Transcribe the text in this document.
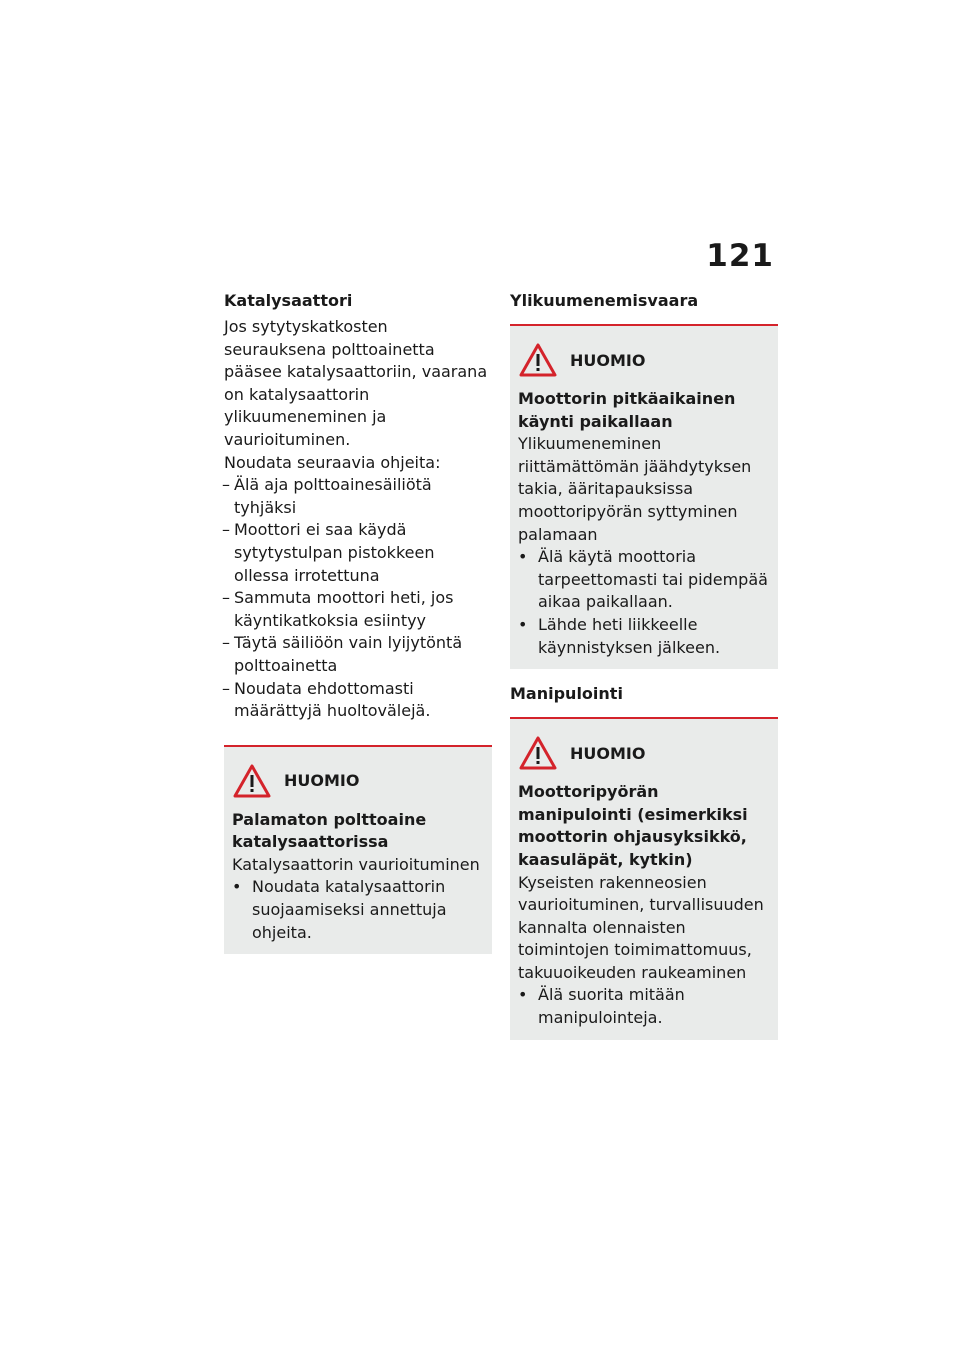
121
Katalysaattori

Jos sytytyskatkosten seurauksena polttoainetta pääsee katalysaattoriin, vaarana on katalysaattorin ylikuumeneminen ja vaurioituminen.

Noudata seuraavia ohjeita:

– Älä aja polttoainesäiliötä tyhjäksi
– Moottori ei saa käydä sytytystulpan pistokkeen ollessa irrotettuna
– Sammuta moottori heti, jos käyntikatkoksia esiintyy
– Täytä säiliöön vain lyijytöntä polttoainetta
– Noudata ehdottomasti määrättyjä huoltovälejä.
HUOMIO

Palamaton polttoaine katalysaattorissa

Katalysaattorin vaurioituminen

• Noudata katalysaattorin suojaamiseksi annettuja ohjeita.
Ylikuumenemisvaara
HUOMIO

Moottorin pitkäaikainen käynti paikallaan

Ylikuumeneminen riittämättömän jäähdytyksen takia, ääritapauksissa moottoripyörän syttyminen palamaan

• Älä käytä moottoria tarpeettomasti tai pidempää aikaa paikallaan.
• Lähde heti liikkeelle käynnistyksen jälkeen.
Manipulointi
HUOMIO

Moottoripyörän manipulointi (esimerkiksi moottorin ohjausyksikkö, kaasuläpät, kytkin)

Kyseisten rakenneosien vaurioituminen, turvallisuuden kannalta olennaisten toimintojen toimimattomuus, takuuoikeuden raukeaminen

• Älä suorita mitään manipulointeja.
